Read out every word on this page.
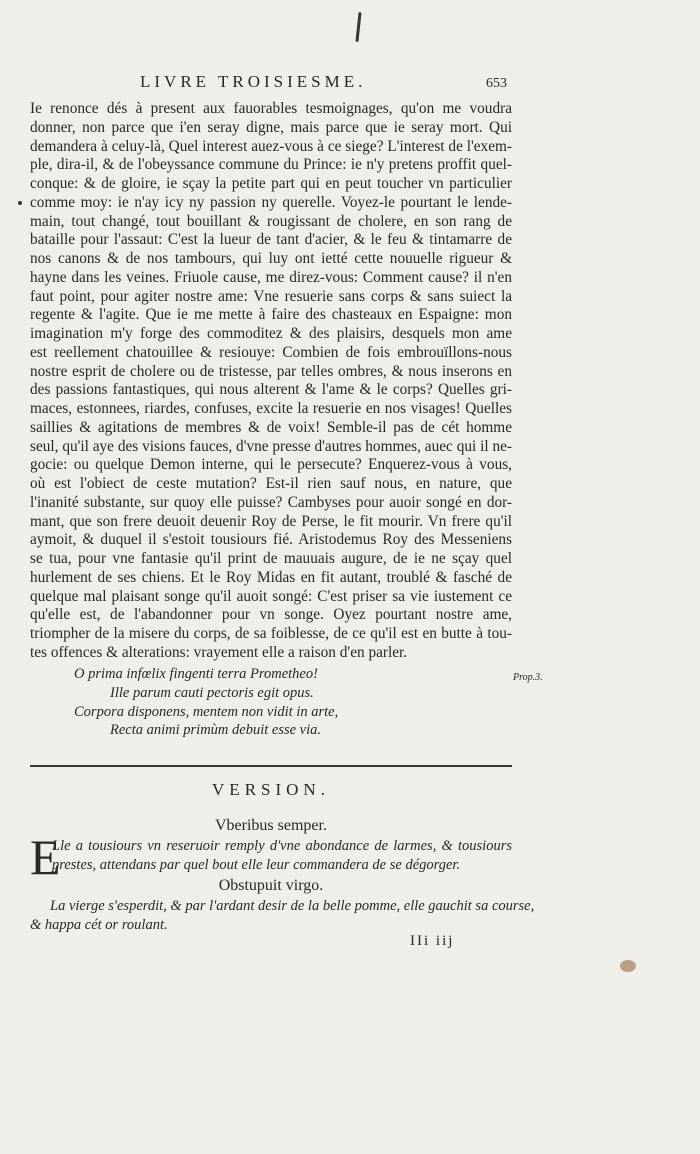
LIVRE TROISIESME.	653
Ie renonce dés à present aux fauorables tesmoignages, qu'on me voudra
donner, non parce que i'en seray digne, mais parce que ie seray mort. Qui
demandera à celuy-là, Quel interest auez-vous à ce siege? L'interest de l'exem-
ple, dira-il, & de l'obeyssance commune du Prince: ie n'y pretens proffit quel-
conque: & de gloire, ie sçay la petite part qui en peut toucher vn particulier
comme moy: ie n'ay icy ny passion ny querelle. Voyez-le pourtant le lende-
main, tout changé, tout bouillant & rougissant de cholere, en son rang de
bataille pour l'assaut: C'est la lueur de tant d'acier, & le feu & tintamarre de
nos canons & de nos tambours, qui luy ont ietté cette nouuelle rigueur &
hayne dans les veines. Friuole cause, me direz-vous: Comment cause? il n'en
faut point, pour agiter nostre ame: Vne resuerie sans corps & sans suiect la
regente & l'agite. Que ie me mette à faire des chasteaux en Espaigne: mon
imagination m'y forge des commoditez & des plaisirs, desquels mon ame
est reellement chatouillee & resiouye: Combien de fois embrouïllons-nous
nostre esprit de cholere ou de tristesse, par telles ombres, & nous inserons en
des passions fantastiques, qui nous alterent & l'ame & le corps? Quelles gri-
maces, estonnees, riardes, confuses, excite la resuerie en nos visages! Quelles
saillies & agitations de membres & de voix! Semble-il pas de cét homme
seul, qu'il aye des visions fauces, d'vne presse d'autres hommes, auec qui il ne-
gocie: ou quelque Demon interne, qui le persecute? Enquerez-vous à vous,
où est l'obiect de ceste mutation? Est-il rien sauf nous, en nature, que
l'inanité substante, sur quoy elle puisse? Cambyses pour auoir songé en dor-
mant, que son frere deuoit deuenir Roy de Perse, le fit mourir. Vn frere qu'il
aymoit, & duquel il s'estoit tousiours fié. Aristodemus Roy des Messeniens
se tua, pour vne fantasie qu'il print de mauuais augure, de ie ne sçay quel
hurlement de ses chiens. Et le Roy Midas en fit autant, troublé & fasché de
quelque mal plaisant songe qu'il auoit songé: C'est priser sa vie iustement ce
qu'elle est, de l'abandonner pour vn songe. Oyez pourtant nostre ame,
triompher de la misere du corps, de sa foiblesse, de ce qu'il est en butte à tou-
tes offences & alterations: vrayement elle a raison d'en parler.
O prima infœlix fingenti terra Prometheo!
Ille parum cauti pectoris egit opus.
Corpora disponens, mentem non vidit in arte,
Recta animi primùm debuit esse via.
Prop.3.
VERSION.
Vberibus semper.
E
Lle a tousiours vn reseruoir remply d'vne abondance de larmes, & tousiours
prestes, attendans par quel bout elle leur commandera de se dégorger.
Obstupuit virgo.
La vierge s'esperdit, & par l'ardant desir de la belle pomme, elle gauchit sa course,
& happa cét or roulant.
IIi iij
